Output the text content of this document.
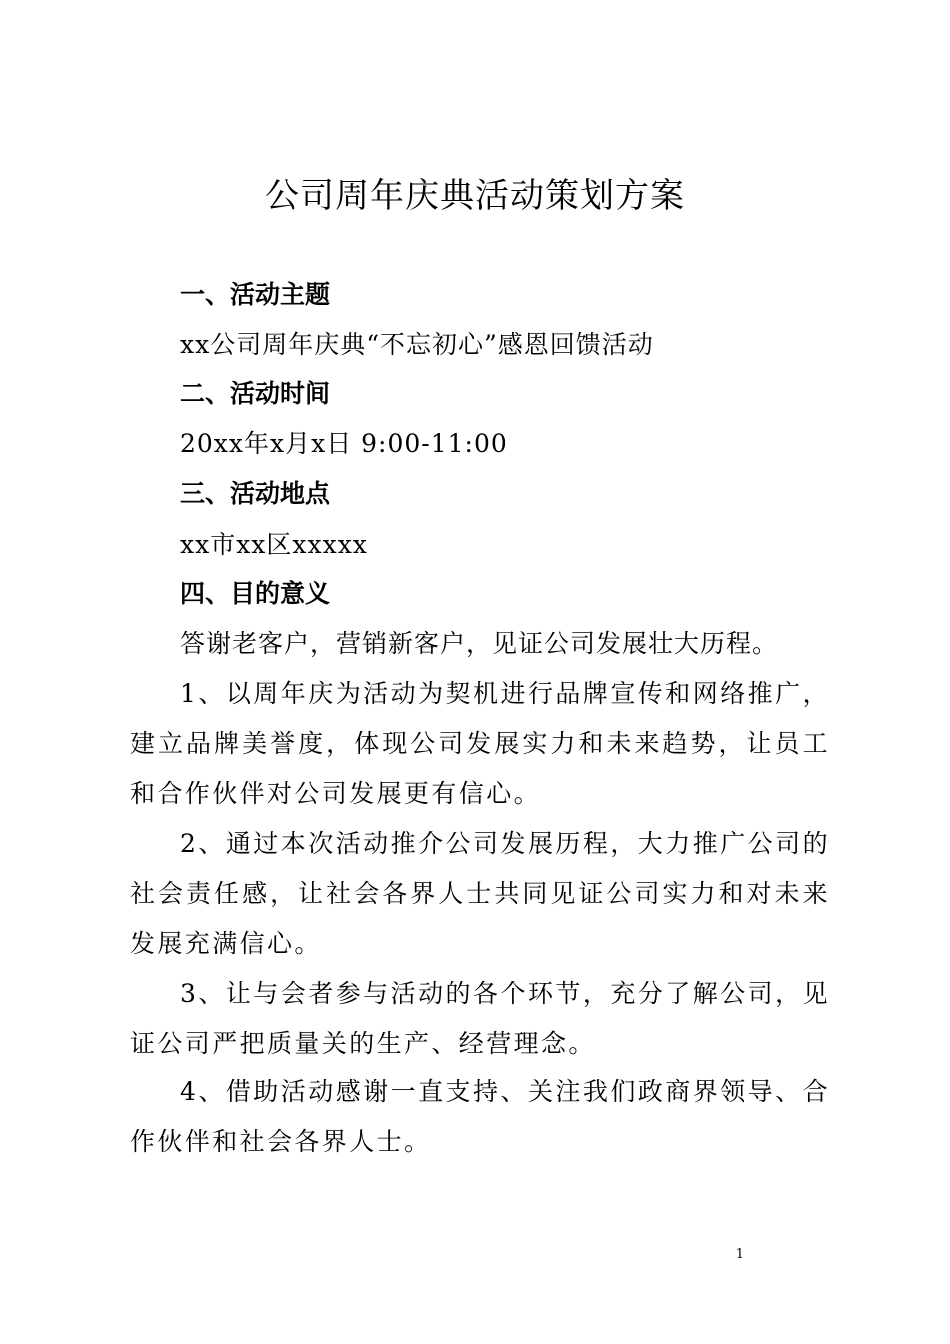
公司周年庆典活动策划方案
一、活动主题

xx公司周年庆典“不忘初心”感恩回馈活动

二、活动时间

20xx年x月x日 9:00-11:00

三、活动地点

xx市xx区xxxxx

四、目的意义

答谢老客户，营销新客户，见证公司发展壮大历程。

1、以周年庆为活动为契机进行品牌宣传和网络推广，建立品牌美誉度，体现公司发展实力和未来趋势，让员工和合作伙伴对公司发展更有信心。

2、通过本次活动推介公司发展历程，大力推广公司的社会责任感，让社会各界人士共同见证公司实力和对未来发展充满信心。

3、让与会者参与活动的各个环节，充分了解公司，见证公司严把质量关的生产、经营理念。

4、借助活动感谢一直支持、关注我们政商界领导、合作伙伴和社会各界人士。

1
